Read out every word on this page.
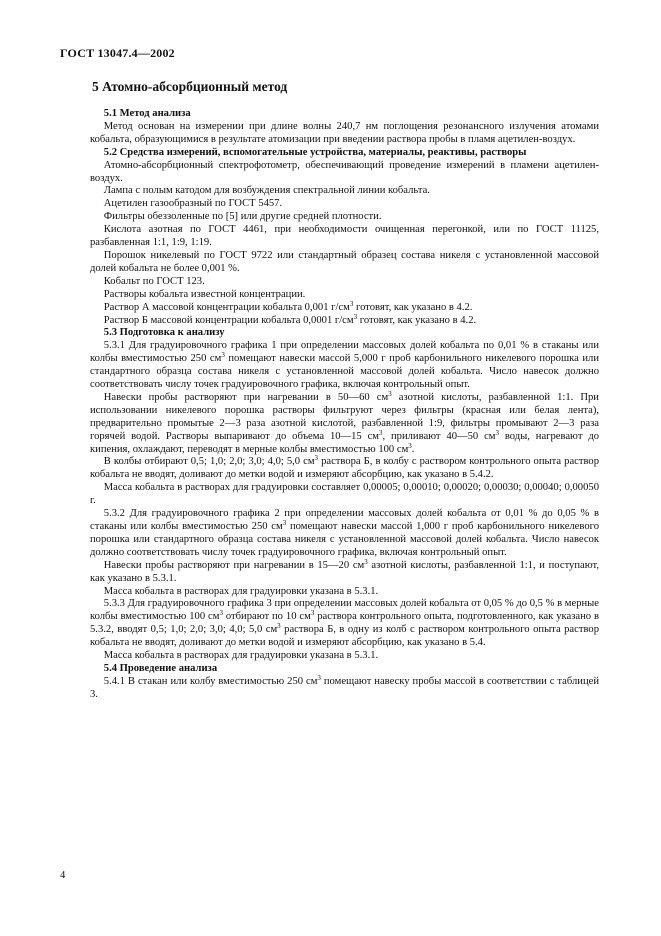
ГОСТ 13047.4—2002
5 Атомно-абсорбционный метод

5.1 Метод анализа

Метод основан на измерении при длине волны 240,7 нм поглощения резонансного излучения атомами кобальта, образующимися в результате атомизации при введении раствора пробы в пламя ацетилен-воздух.

5.2 Средства измерений, вспомогательные устройства, материалы, реактивы, растворы

Атомно-абсорбционный спектрофотометр, обеспечивающий проведение измерений в пламени ацетилен-воздух.

Лампа с полым катодом для возбуждения спектральной линии кобальта.

Ацетилен газообразный по ГОСТ 5457.

Фильтры обеззоленные по [5] или другие средней плотности.

Кислота азотная по ГОСТ 4461, при необходимости очищенная перегонкой, или по ГОСТ 11125, разбавленная 1:1, 1:9, 1:19.

Порошок никелевый по ГОСТ 9722 или стандартный образец состава никеля с установленной массовой долей кобальта не более 0,001 %.

Кобальт по ГОСТ 123.

Растворы кобальта известной концентрации.

Раствор А массовой концентрации кобальта 0,001 $г/см^3$ готовят, как указано в 4.2.

Раствор Б массовой концентрации кобальта 0,0001 $г/см^3$ готовят, как указано в 4.2.

5.3 Подготовка к анализу

5.3.1 Для градуировочного графика 1 при определении массовых долей кобальта по 0,01 % в стаканы или колбы вместимостью 250 $см^3$ помещают навески массой 5,000 г проб карбонильного никелевого порошка или стандартного образца состава никеля с установленной массовой долей кобальта. Число навесок должно соответствовать числу точек градуировочного графика, включая контрольный опыт.

Навески пробы растворяют при нагревании в 50—60 $см^3$ азотной кислоты, разбавленной 1:1. При использовании никелевого порошка растворы фильтруют через фильтры (красная или белая лента), предварительно промытые 2—3 раза азотной кислотой, разбавленной 1:9, фильтры промывают 2—3 раза горячей водой. Растворы выпаривают до объема 10—15 $см^3$, приливают 40—50 $см^3$ воды, нагревают до кипения, охлаждают, переводят в мерные колбы вместимостью 100 $см^3$.

В колбы отбирают 0,5; 1,0; 2,0; 3,0; 4,0; 5,0 $см^3$ раствора Б, в колбу с раствором контрольного опыта раствор кобальта не вводят, доливают до метки водой и измеряют абсорбцию, как указано в 5.4.2.

Масса кобальта в растворах для градуировки составляет 0,00005; 0,00010; 0,00020; 0,00030; 0,00040; 0,00050 г.

5.3.2 Для градуировочного графика 2 при определении массовых долей кобальта от 0,01 % до 0,05 % в стаканы или колбы вместимостью 250 $см^3$ помещают навески массой 1,000 г проб карбонильного никелевого порошка или стандартного образца состава никеля с установленной массовой долей кобальта. Число навесок должно соответствовать числу точек градуировочного графика, включая контрольный опыт.

Навески пробы растворяют при нагревании в 15—20 $см^3$ азотной кислоты, разбавленной 1:1, и поступают, как указано в 5.3.1.

Масса кобальта в растворах для градуировки указана в 5.3.1.

5.3.3 Для градуировочного графика 3 при определении массовых долей кобальта от 0,05 % до 0,5 % в мерные колбы вместимостью 100 $см^3$ отбирают по 10 $см^3$ раствора контрольного опыта, подготовленного, как указано в 5.3.2, вводят 0,5; 1,0; 2,0; 3,0; 4,0; 5,0 $см^3$ раствора Б, в одну из колб с раствором контрольного опыта раствор кобальта не вводят, доливают до метки водой и измеряют абсорбцию, как указано в 5.4.

Масса кобальта в растворах для градуировки указана в 5.3.1.

5.4 Проведение анализа

5.4.1 В стакан или колбу вместимостью 250 $см^3$ помещают навеску пробы массой в соответствии с таблицей 3.

4
